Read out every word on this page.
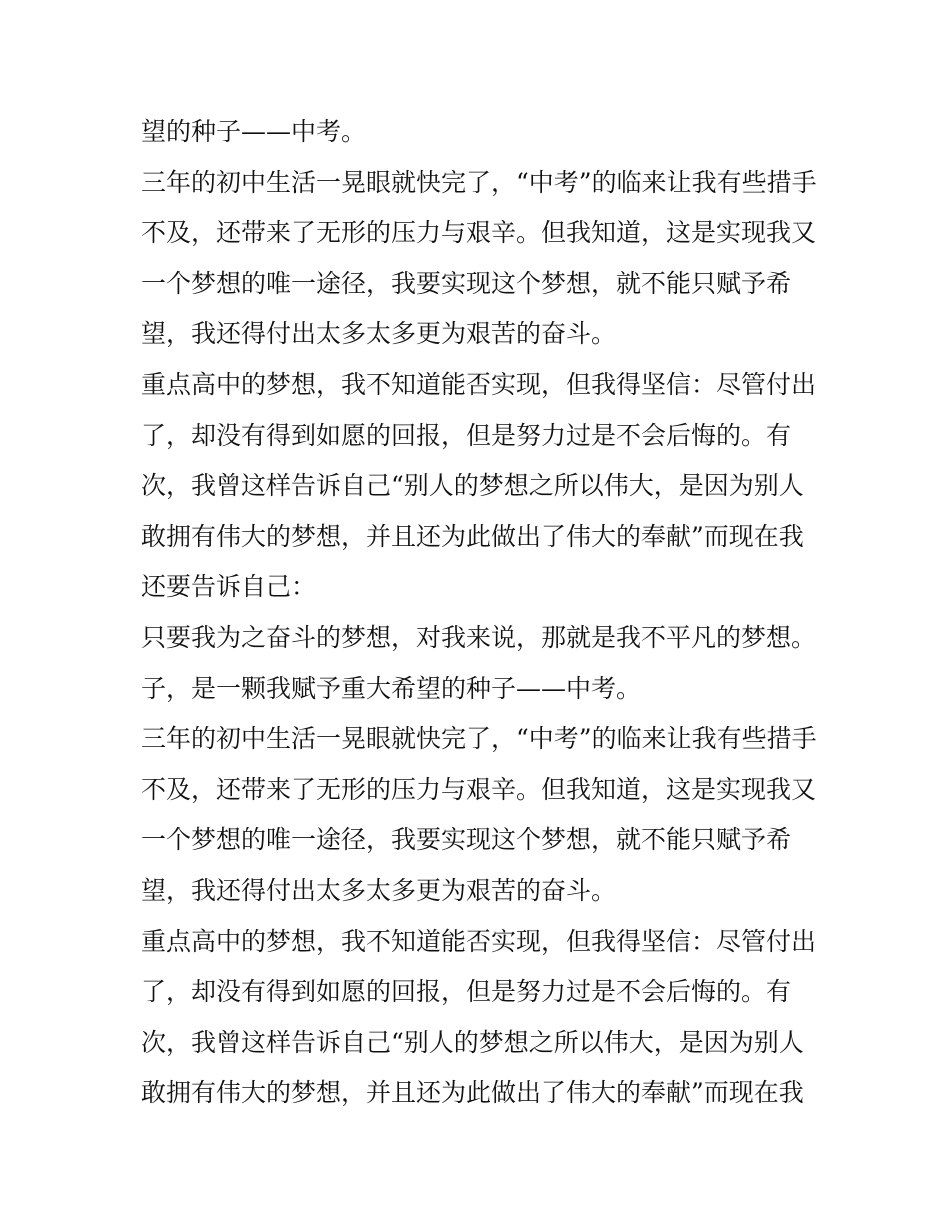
望的种子——中考。
三年的初中生活一晃眼就快完了，“中考”的临来让我有些措手
不及，还带来了无形的压力与艰辛。但我知道，这是实现我又
一个梦想的唯一途径，我要实现这个梦想，就不能只赋予希
望，我还得付出太多太多更为艰苦的奋斗。
重点高中的梦想，我不知道能否实现，但我得坚信：尽管付出
了，却没有得到如愿的回报，但是努力过是不会后悔的。有
次，我曾这样告诉自己“别人的梦想之所以伟大，是因为别人
敢拥有伟大的梦想，并且还为此做出了伟大的奉献”而现在我
还要告诉自己：
只要我为之奋斗的梦想，对我来说，那就是我不平凡的梦想。
子，是一颗我赋予重大希望的种子——中考。
三年的初中生活一晃眼就快完了，“中考”的临来让我有些措手
不及，还带来了无形的压力与艰辛。但我知道，这是实现我又
一个梦想的唯一途径，我要实现这个梦想，就不能只赋予希
望，我还得付出太多太多更为艰苦的奋斗。
重点高中的梦想，我不知道能否实现，但我得坚信：尽管付出
了，却没有得到如愿的回报，但是努力过是不会后悔的。有
次，我曾这样告诉自己“别人的梦想之所以伟大，是因为别人
敢拥有伟大的梦想，并且还为此做出了伟大的奉献”而现在我
